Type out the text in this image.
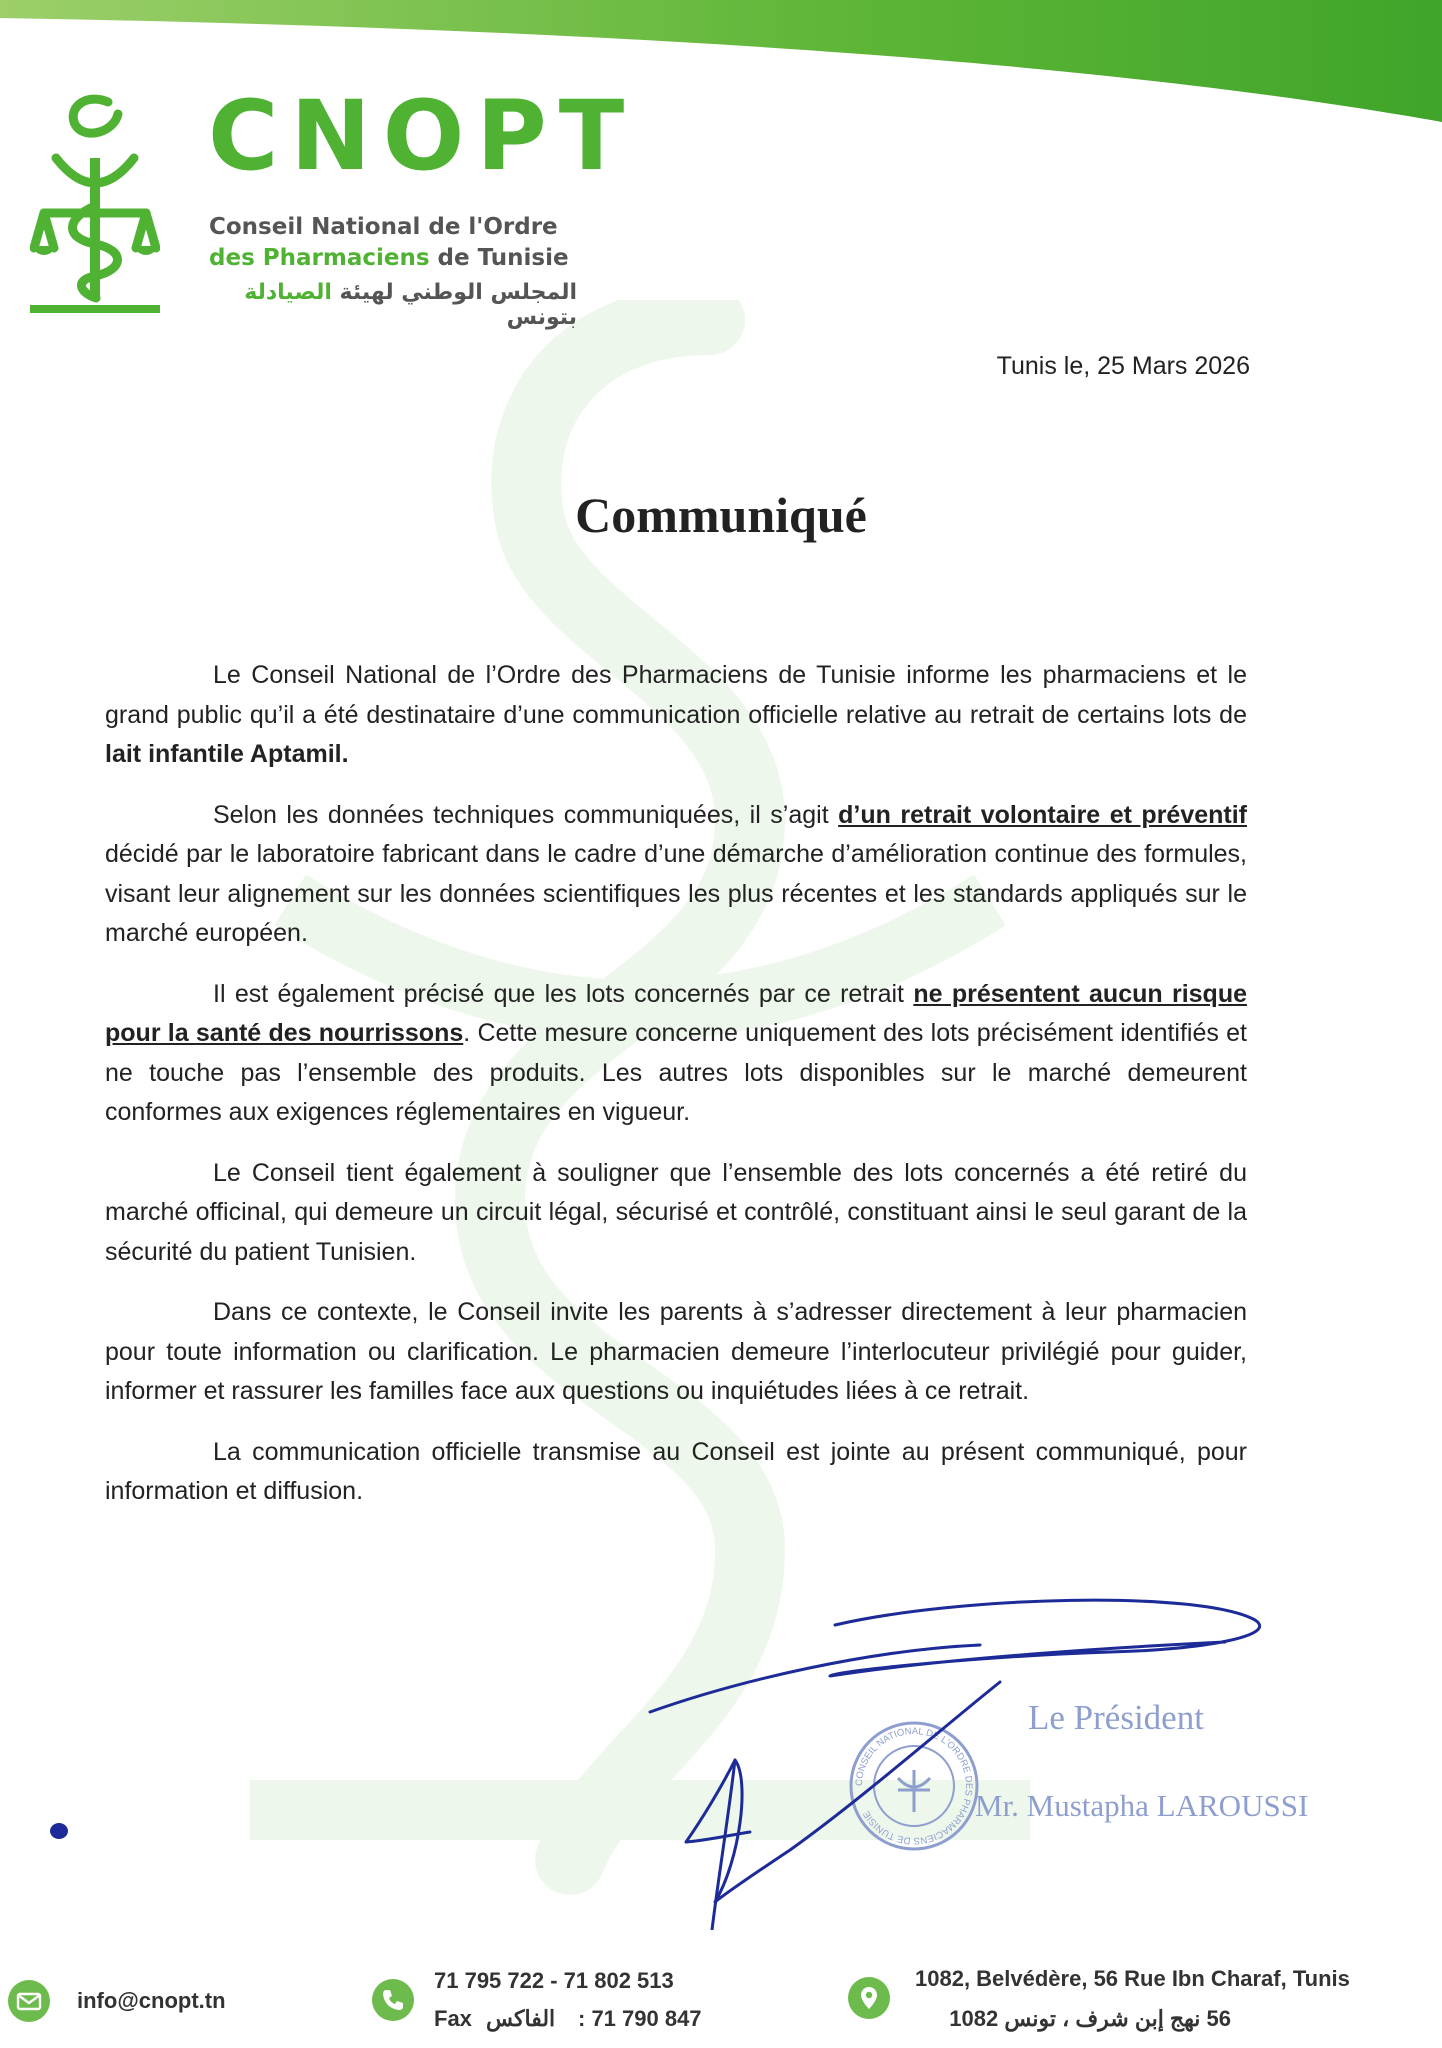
CNOPT
Conseil National de l'Ordre
des Pharmaciens de Tunisie
المجلس الوطني لهيئة الصيادلة بتونس
Tunis le, 25 Mars 2026
Communiqué

Le Conseil National de l’Ordre des Pharmaciens de Tunisie informe les pharmaciens et le grand public qu’il a été destinataire d’une communication officielle relative au retrait de certains lots de lait infantile Aptamil.

Selon les données techniques communiquées, il s’agit d’un retrait volontaire et préventif décidé par le laboratoire fabricant dans le cadre d’une démarche d’amélioration continue des formules, visant leur alignement sur les données scientifiques les plus récentes et les standards appliqués sur le marché européen.

Il est également précisé que les lots concernés par ce retrait ne présentent aucun risque pour la santé des nourrissons. Cette mesure concerne uniquement des lots précisément identifiés et ne touche pas l’ensemble des produits. Les autres lots disponibles sur le marché demeurent conformes aux exigences réglementaires en vigueur.

Le Conseil tient également à souligner que l’ensemble des lots concernés a été retiré du marché officinal, qui demeure un circuit légal, sécurisé et contrôlé, constituant ainsi le seul garant de la sécurité du patient Tunisien.

Dans ce contexte, le Conseil invite les parents à s’adresser directement à leur pharmacien pour toute information ou clarification. Le pharmacien demeure l’interlocuteur privilégié pour guider, informer et rassurer les familles face aux questions ou inquiétudes liées à ce retrait.

La communication officielle transmise au Conseil est jointe au présent communiqué, pour information et diffusion.

CONSEIL NATIONAL DE L'ORDRE DES PHARMACIENS DE TUNISIE
Le Président
Mr. Mustapha LAROUSSI
info@cnopt.tn
71 795 722 - 71 802 513
Fax الفاكس : 71 790 847
1082, Belvédère, 56 Rue Ibn Charaf, Tunis
56 نهج إبن شرف ، تونس 1082
